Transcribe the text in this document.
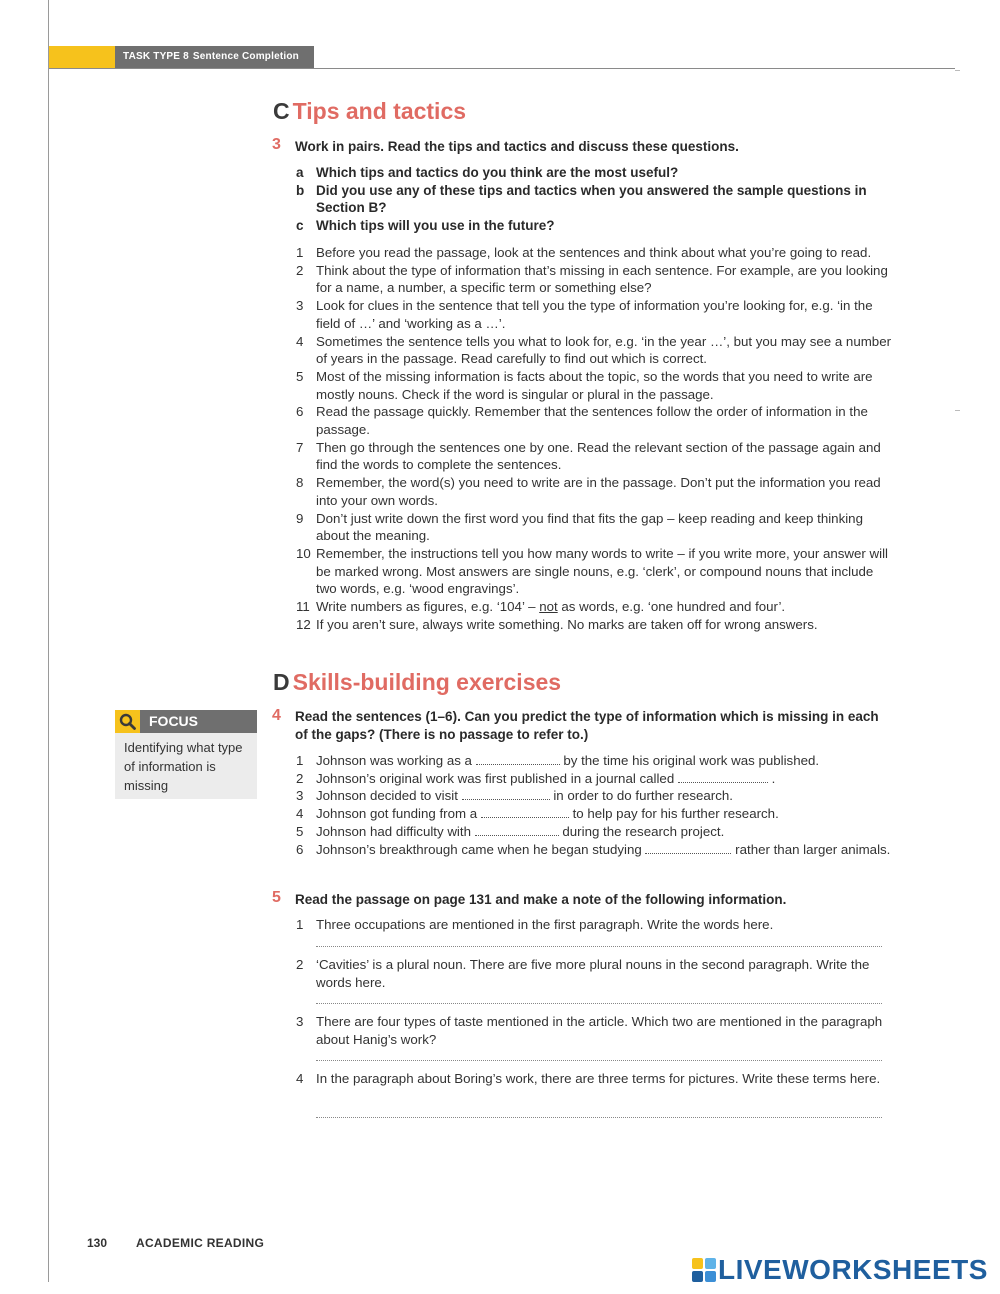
TASK TYPE 8 Sentence Completion
C Tips and tactics
3 Work in pairs. Read the tips and tactics and discuss these questions.
a Which tips and tactics do you think are the most useful?
b Did you use any of these tips and tactics when you answered the sample questions in Section B?
c Which tips will you use in the future?
1 Before you read the passage, look at the sentences and think about what you’re going to read.
2 Think about the type of information that’s missing in each sentence. For example, are you looking for a name, a number, a specific term or something else?
3 Look for clues in the sentence that tell you the type of information you’re looking for, e.g. ‘in the field of …’ and ‘working as a …’.
4 Sometimes the sentence tells you what to look for, e.g. ‘in the year …’, but you may see a number of years in the passage. Read carefully to find out which is correct.
5 Most of the missing information is facts about the topic, so the words that you need to write are mostly nouns. Check if the word is singular or plural in the passage.
6 Read the passage quickly. Remember that the sentences follow the order of information in the passage.
7 Then go through the sentences one by one. Read the relevant section of the passage again and find the words to complete the sentences.
8 Remember, the word(s) you need to write are in the passage. Don’t put the information you read into your own words.
9 Don’t just write down the first word you find that fits the gap – keep reading and keep thinking about the meaning.
10 Remember, the instructions tell you how many words to write – if you write more, your answer will be marked wrong. Most answers are single nouns, e.g. ‘clerk’, or compound nouns that include two words, e.g. ‘wood engravings’.
11 Write numbers as figures, e.g. ‘104’ – not as words, e.g. ‘one hundred and four’.
12 If you aren’t sure, always write something. No marks are taken off for wrong answers.
D Skills-building exercises
FOCUS
Identifying what type of information is missing
4 Read the sentences (1–6). Can you predict the type of information which is missing in each of the gaps? (There is no passage to refer to.)
1 Johnson was working as a	by the time his original work was published.
2 Johnson’s original work was first published in a journal called	.
3 Johnson decided to visit	in order to do further research.
4 Johnson got funding from a	to help pay for his further research.
5 Johnson had difficulty with	during the research project.
6 Johnson’s breakthrough came when he began studying	rather than larger animals.
5 Read the passage on page 131 and make a note of the following information.
1 Three occupations are mentioned in the first paragraph. Write the words here.
2 ‘Cavities’ is a plural noun. There are five more plural nouns in the second paragraph. Write the words here.
3 There are four types of taste mentioned in the article. Which two are mentioned in the paragraph about Hanig’s work?
4 In the paragraph about Boring’s work, there are three terms for pictures. Write these terms here.
130 ACADEMIC READING
LIVEWORKSHEETS
